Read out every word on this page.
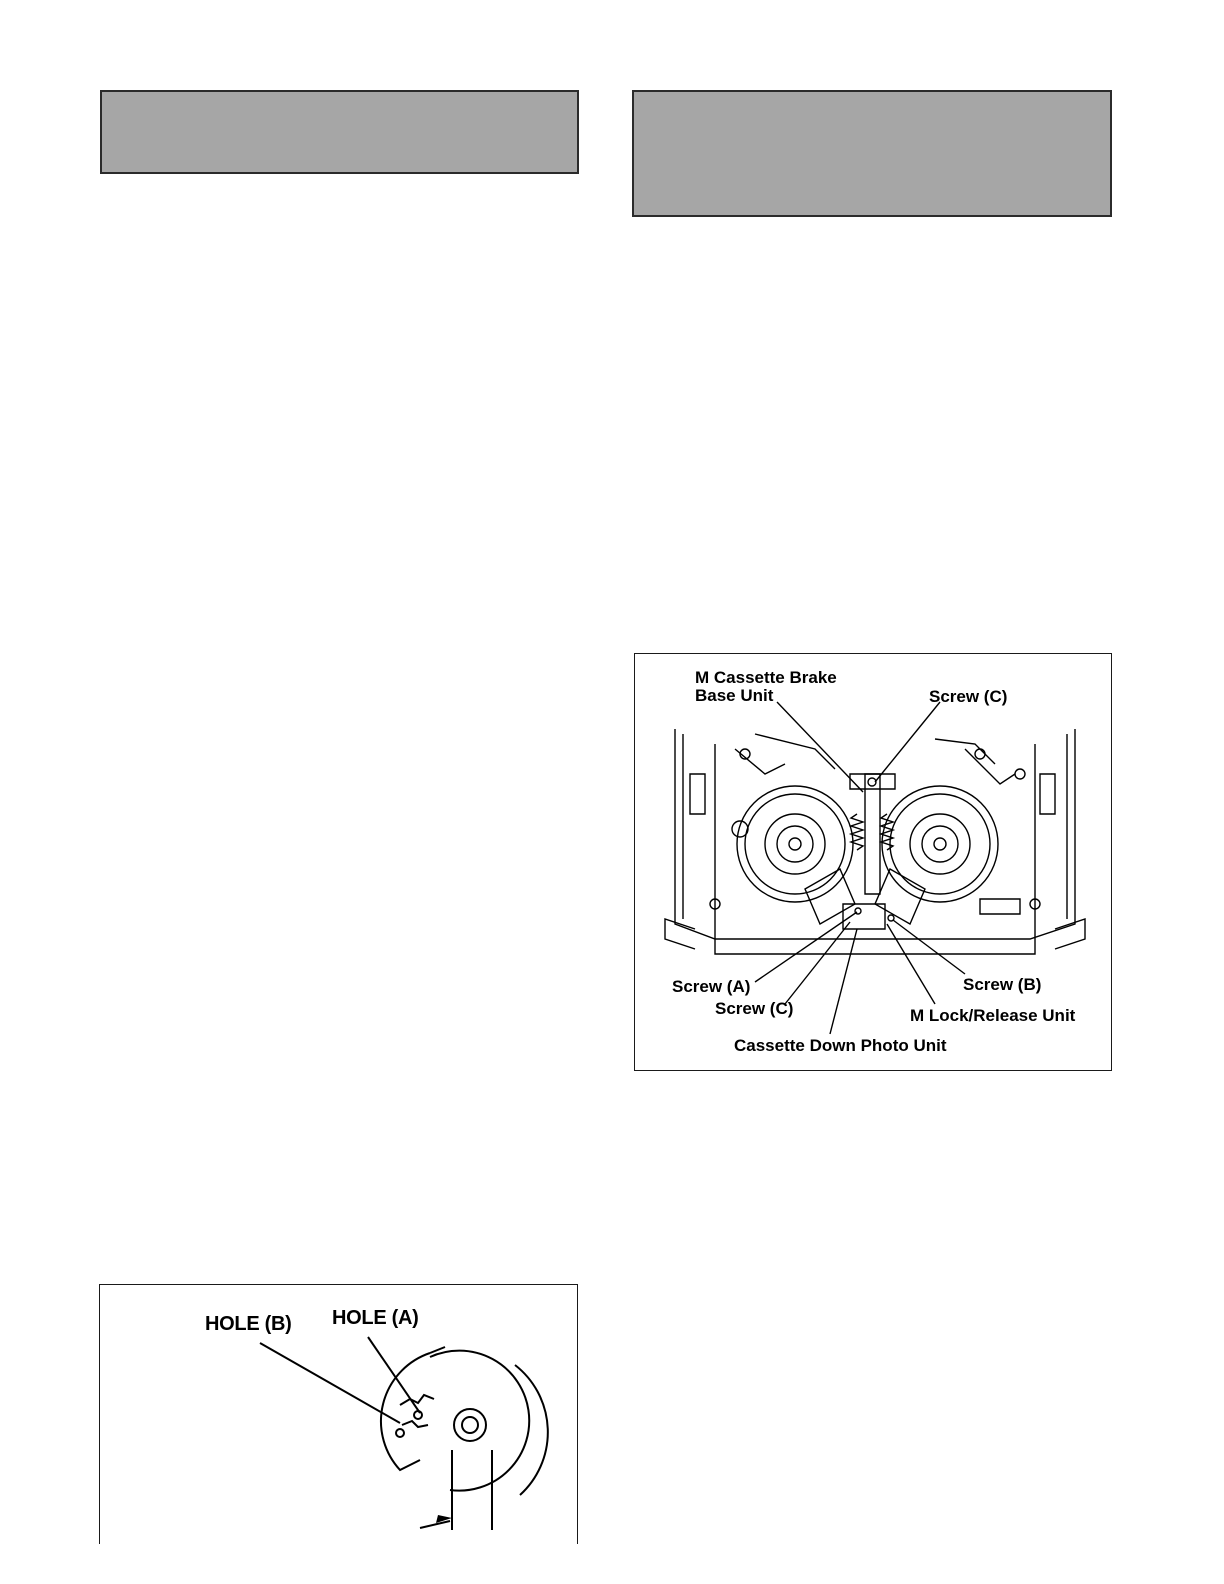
M Cassette Brake
Base Unit	Screw (C)
Screw (A)
Screw (C)
Screw (B)
M Lock/Release Unit
Cassette Down Photo Unit
HOLE (B) HOLE (A)
